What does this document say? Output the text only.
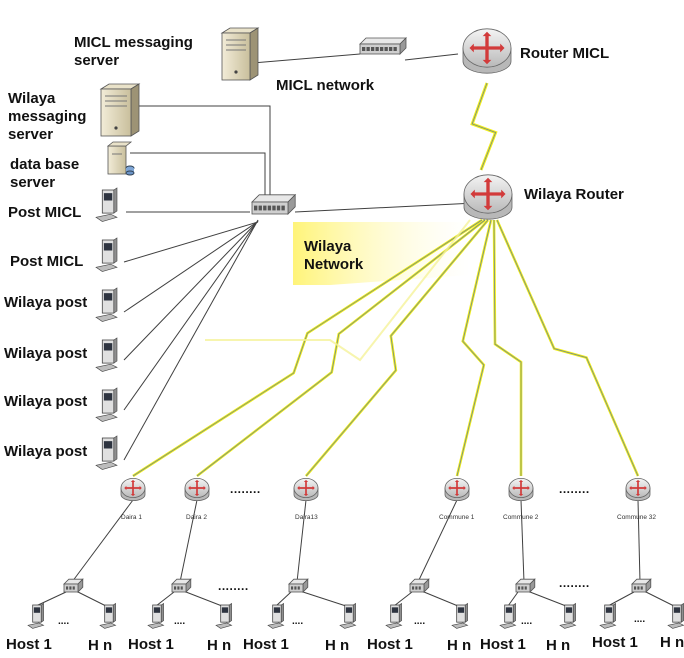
MICL messaging server
MICL network
Router MICL
Wilaya messaging server
data base server
Wilaya Router
Wilaya Network
Post MICL
Post MICL
Wilaya post
Wilaya post
Wilaya post
Wilaya post
Daira 1	Daira 2	Daira13	Commune 1	Commune 2	Commune 32
........	........
........	........
Host 1 H n Host 1 H n Host 1 H n Host 1 H n Host 1 H n Host 1 H n
....	....	....	....	....	....
